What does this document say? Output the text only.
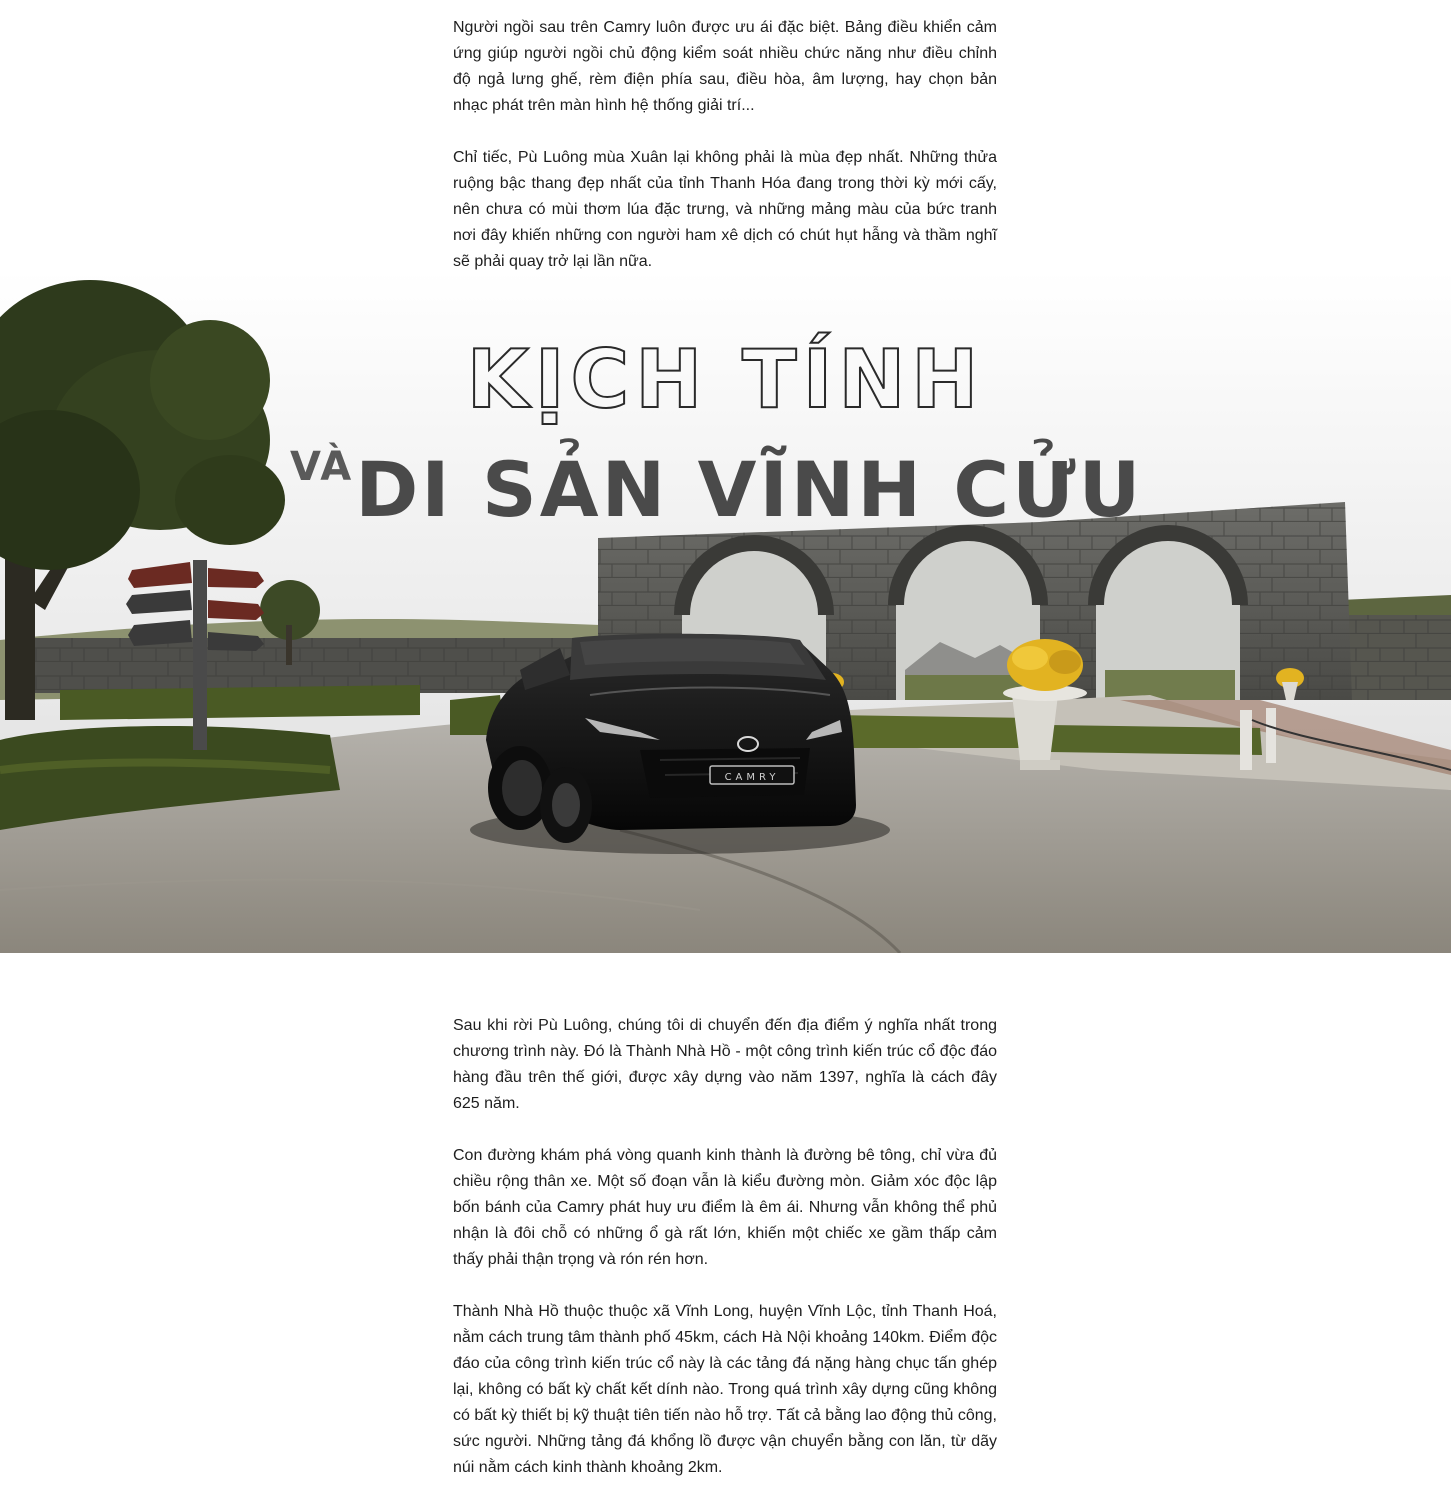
Người ngồi sau trên Camry luôn được ưu ái đặc biệt. Bảng điều khiển cảm ứng giúp người ngồi chủ động kiểm soát nhiều chức năng như điều chỉnh độ ngả lưng ghế, rèm điện phía sau, điều hòa, âm lượng, hay chọn bản nhạc phát trên màn hình hệ thống giải trí...

Chỉ tiếc, Pù Luông mùa Xuân lại không phải là mùa đẹp nhất. Những thửa ruộng bậc thang đẹp nhất của tỉnh Thanh Hóa đang trong thời kỳ mới cấy, nên chưa có mùi thơm lúa đặc trưng, và những mảng màu của bức tranh nơi đây khiến những con người ham xê dịch có chút hụt hẫng và thầm nghĩ sẽ phải quay trở lại lần nữa.

CAMRY
KỊCH TÍNH
VÀDI SẢN VĨNH CỬU

Sau khi rời Pù Luông, chúng tôi di chuyển đến địa điểm ý nghĩa nhất trong chương trình này. Đó là Thành Nhà Hồ - một công trình kiến trúc cổ độc đáo hàng đầu trên thế giới, được xây dựng vào năm 1397, nghĩa là cách đây 625 năm.

Con đường khám phá vòng quanh kinh thành là đường bê tông, chỉ vừa đủ chiều rộng thân xe. Một số đoạn vẫn là kiểu đường mòn. Giảm xóc độc lập bốn bánh của Camry phát huy ưu điểm là êm ái. Nhưng vẫn không thể phủ nhận là đôi chỗ có những ổ gà rất lớn, khiến một chiếc xe gầm thấp cảm thấy phải thận trọng và rón rén hơn.

Thành Nhà Hồ thuộc thuộc xã Vĩnh Long, huyện Vĩnh Lộc, tỉnh Thanh Hoá, nằm cách trung tâm thành phố 45km, cách Hà Nội khoảng 140km. Điểm độc đáo của công trình kiến trúc cổ này là các tảng đá nặng hàng chục tấn ghép lại, không có bất kỳ chất kết dính nào. Trong quá trình xây dựng cũng không có bất kỳ thiết bị kỹ thuật tiên tiến nào hỗ trợ. Tất cả bằng lao động thủ công, sức người. Những tảng đá khổng lồ được vận chuyển bằng con lăn, từ dãy núi nằm cách kinh thành khoảng 2km.
